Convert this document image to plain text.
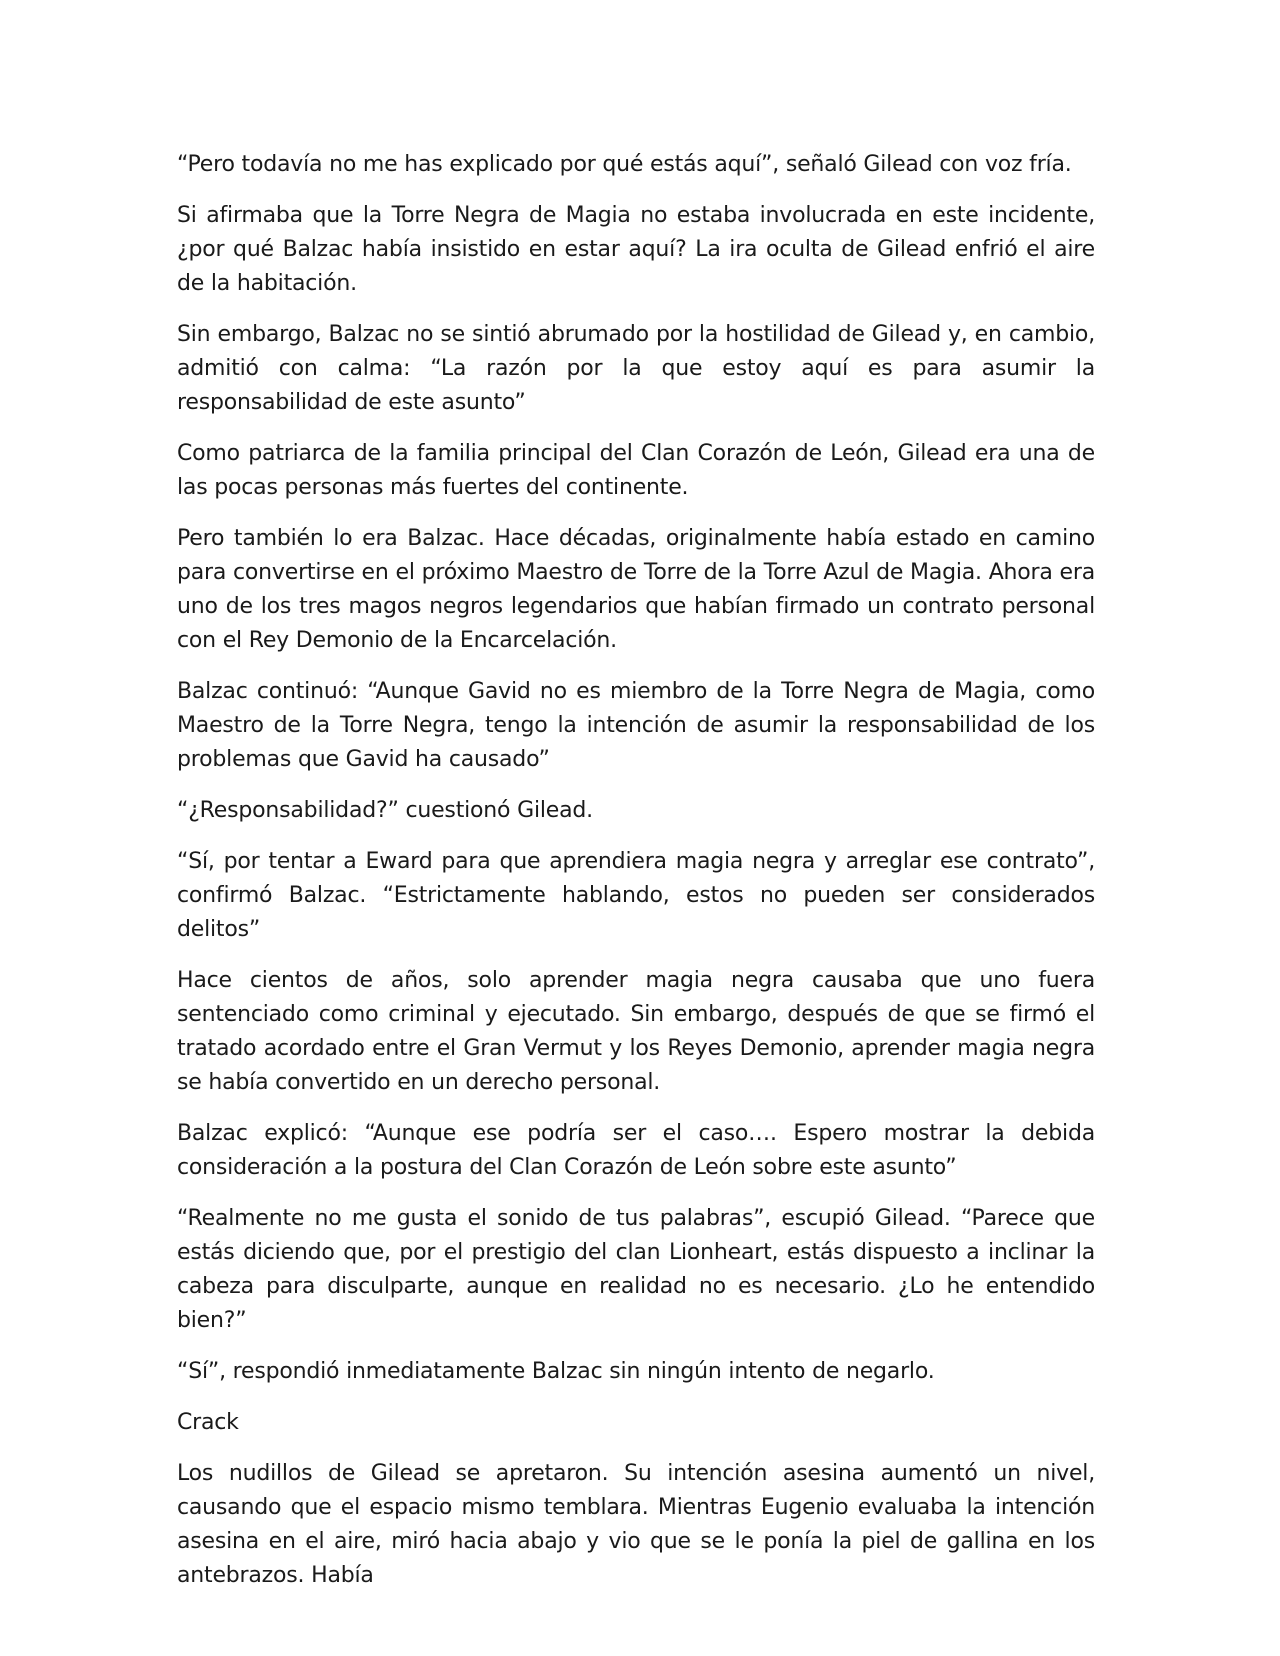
“Pero todavía no me has explicado por qué estás aquí”, señaló Gilead con voz fría.

Si afirmaba que la Torre Negra de Magia no estaba involucrada en este incidente, ¿por qué Balzac había insistido en estar aquí? La ira oculta de Gilead enfrió el aire de la habitación.

Sin embargo, Balzac no se sintió abrumado por la hostilidad de Gilead y, en cambio, admitió con calma: “La razón por la que estoy aquí es para asumir la responsabilidad de este asunto”

Como patriarca de la familia principal del Clan Corazón de León, Gilead era una de las pocas personas más fuertes del continente.

Pero también lo era Balzac. Hace décadas, originalmente había estado en camino para convertirse en el próximo Maestro de Torre de la Torre Azul de Magia. Ahora era uno de los tres magos negros legendarios que habían firmado un contrato personal con el Rey Demonio de la Encarcelación.

Balzac continuó: “Aunque Gavid no es miembro de la Torre Negra de Magia, como Maestro de la Torre Negra, tengo la intención de asumir la responsabilidad de los problemas que Gavid ha causado”

“¿Responsabilidad?” cuestionó Gilead.

“Sí, por tentar a Eward para que aprendiera magia negra y arreglar ese contrato”, confirmó Balzac. “Estrictamente hablando, estos no pueden ser considerados delitos”

Hace cientos de años, solo aprender magia negra causaba que uno fuera sentenciado como criminal y ejecutado. Sin embargo, después de que se firmó el tratado acordado entre el Gran Vermut y los Reyes Demonio, aprender magia negra se había convertido en un derecho personal.

Balzac explicó: “Aunque ese podría ser el caso…. Espero mostrar la debida consideración a la postura del Clan Corazón de León sobre este asunto”

“Realmente no me gusta el sonido de tus palabras”, escupió Gilead. “Parece que estás diciendo que, por el prestigio del clan Lionheart, estás dispuesto a inclinar la cabeza para disculparte, aunque en realidad no es necesario. ¿Lo he entendido bien?”

“Sí”, respondió inmediatamente Balzac sin ningún intento de negarlo.

Crack

Los nudillos de Gilead se apretaron. Su intención asesina aumentó un nivel, causando que el espacio mismo temblara. Mientras Eugenio evaluaba la intención asesina en el aire, miró hacia abajo y vio que se le ponía la piel de gallina en los antebrazos. Había
